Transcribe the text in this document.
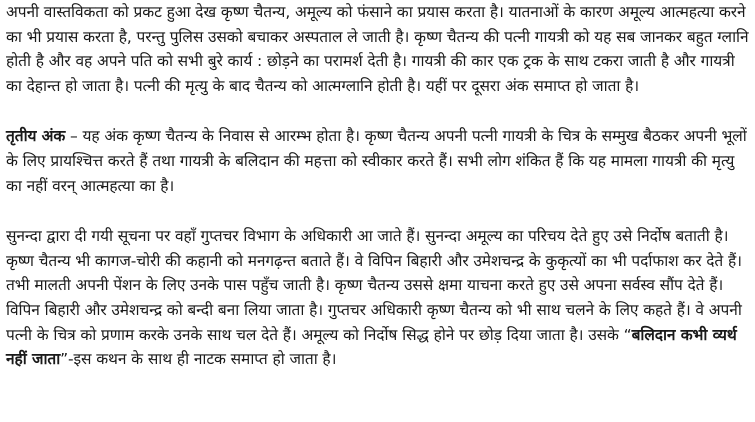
अपनी वास्तविकता को प्रकट हुआ देख कृष्ण चैतन्य, अमूल्य को फंसाने का प्रयास करता है। यातनाओं के कारण अमूल्य आत्महत्या करने का भी प्रयास करता है, परन्तु पुलिस उसको बचाकर अस्पताल ले जाती है। कृष्ण चैतन्य की पत्नी गायत्री को यह सब जानकर बहुत ग्लानि होती है और वह अपने पति को सभी बुरे कार्य : छोड़ने का परामर्श देती है। गायत्री की कार एक ट्रक के साथ टकरा जाती है और गायत्री का देहान्त हो जाता है। पत्नी की मृत्यु के बाद चैतन्य को आत्मग्लानि होती है। यहीं पर दूसरा अंक समाप्त हो जाता है।

तृतीय अंक – यह अंक कृष्ण चैतन्य के निवास से आरम्भ होता है। कृष्ण चैतन्य अपनी पत्नी गायत्री के चित्र के सम्मुख बैठकर अपनी भूलों के लिए प्रायश्चित्त करते हैं तथा गायत्री के बलिदान की महत्ता को स्वीकार करते हैं। सभी लोग शंकित हैं कि यह मामला गायत्री की मृत्यु का नहीं वरन् आत्महत्या का है।

सुनन्दा द्वारा दी गयी सूचना पर वहाँ गुप्तचर विभाग के अधिकारी आ जाते हैं। सुनन्दा अमूल्य का परिचय देते हुए उसे निर्दोष बताती है। कृष्ण चैतन्य भी कागज-चोरी की कहानी को मनगढ़न्त बताते हैं। वे विपिन बिहारी और उमेशचन्द्र के कुकृत्यों का भी पर्दाफाश कर देते हैं। तभी मालती अपनी पेंशन के लिए उनके पास पहुँच जाती है। कृष्ण चैतन्य उससे क्षमा याचना करते हुए उसे अपना सर्वस्व सौंप देते हैं। विपिन बिहारी और उमेशचन्द्र को बन्दी बना लिया जाता है। गुप्तचर अधिकारी कृष्ण चैतन्य को भी साथ चलने के लिए कहते हैं। वे अपनी पत्नी के चित्र को प्रणाम करके उनके साथ चल देते हैं। अमूल्य को निर्दोष सिद्ध होने पर छोड़ दिया जाता है। उसके “बलिदान कभी व्यर्थ नहीं जाता”-इस कथन के साथ ही नाटक समाप्त हो जाता है।
